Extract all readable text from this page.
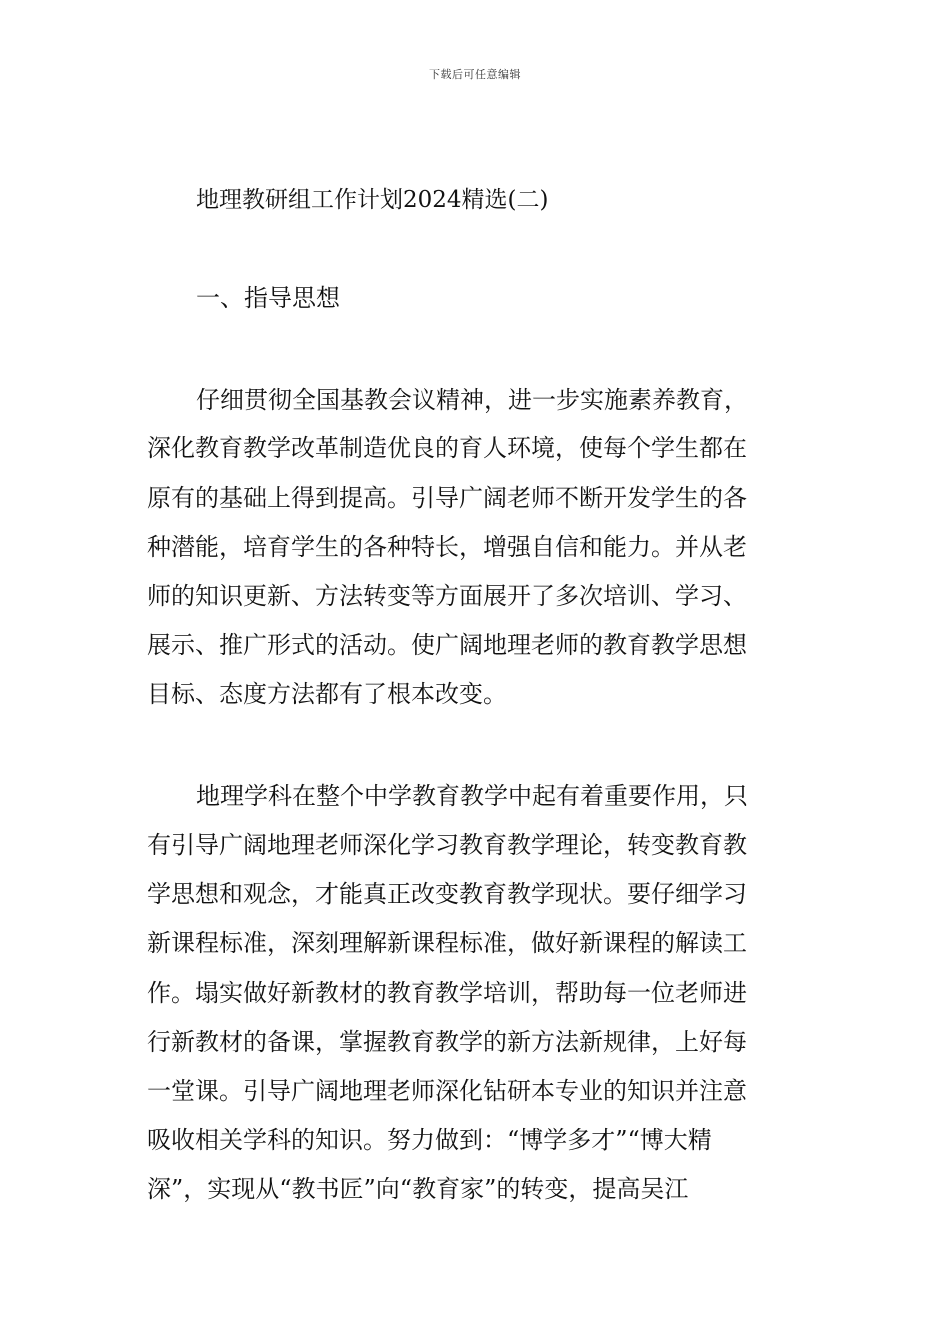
下载后可任意编辑
地理教研组工作计划2024精选(二)
一、指导思想
仔细贯彻全国基教会议精神，进一步实施素养教育，
深化教育教学改革制造优良的育人环境，使每个学生都在
原有的基础上得到提高。引导广阔老师不断开发学生的各
种潜能，培育学生的各种特长，增强自信和能力。并从老
师的知识更新、方法转变等方面展开了多次培训、学习、
展示、推广形式的活动。使广阔地理老师的教育教学思想
目标、态度方法都有了根本改变。
地理学科在整个中学教育教学中起有着重要作用，只
有引导广阔地理老师深化学习教育教学理论，转变教育教
学思想和观念，才能真正改变教育教学现状。要仔细学习
新课程标准，深刻理解新课程标准，做好新课程的解读工
作。塌实做好新教材的教育教学培训，帮助每一位老师进
行新教材的备课，掌握教育教学的新方法新规律，上好每
一堂课。引导广阔地理老师深化钻研本专业的知识并注意
吸收相关学科的知识。努力做到：“博学多才”“博大精
深”，实现从“教书匠”向“教育家”的转变，提高吴江
